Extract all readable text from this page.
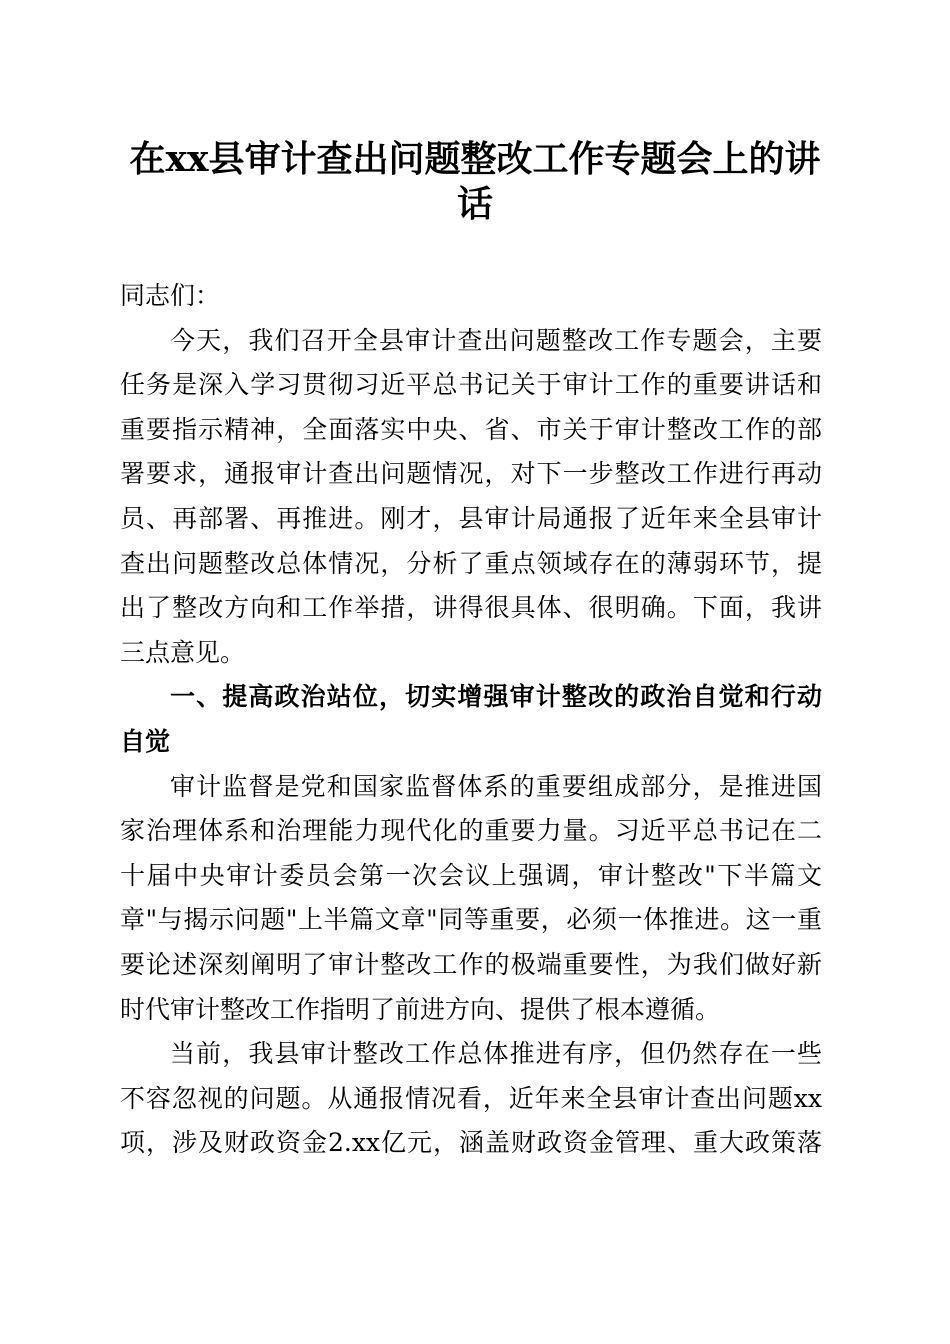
在xx县审计查出问题整改工作专题会上的讲
话
同志们：
今天，我们召开全县审计查出问题整改工作专题会，主要
任务是深入学习贯彻习近平总书记关于审计工作的重要讲话和
重要指示精神，全面落实中央、省、市关于审计整改工作的部
署要求，通报审计查出问题情况，对下一步整改工作进行再动
员、再部署、再推进。刚才，县审计局通报了近年来全县审计
查出问题整改总体情况，分析了重点领域存在的薄弱环节，提
出了整改方向和工作举措，讲得很具体、很明确。下面，我讲
三点意见。
一、提高政治站位，切实增强审计整改的政治自觉和行动
自觉
审计监督是党和国家监督体系的重要组成部分，是推进国
家治理体系和治理能力现代化的重要力量。习近平总书记在二
十届中央审计委员会第一次会议上强调，审计整改"下半篇文
章"与揭示问题"上半篇文章"同等重要，必须一体推进。这一重
要论述深刻阐明了审计整改工作的极端重要性，为我们做好新
时代审计整改工作指明了前进方向、提供了根本遵循。
当前，我县审计整改工作总体推进有序，但仍然存在一些
不容忽视的问题。从通报情况看，近年来全县审计查出问题xx
项，涉及财政资金2.xx亿元，涵盖财政资金管理、重大政策落
